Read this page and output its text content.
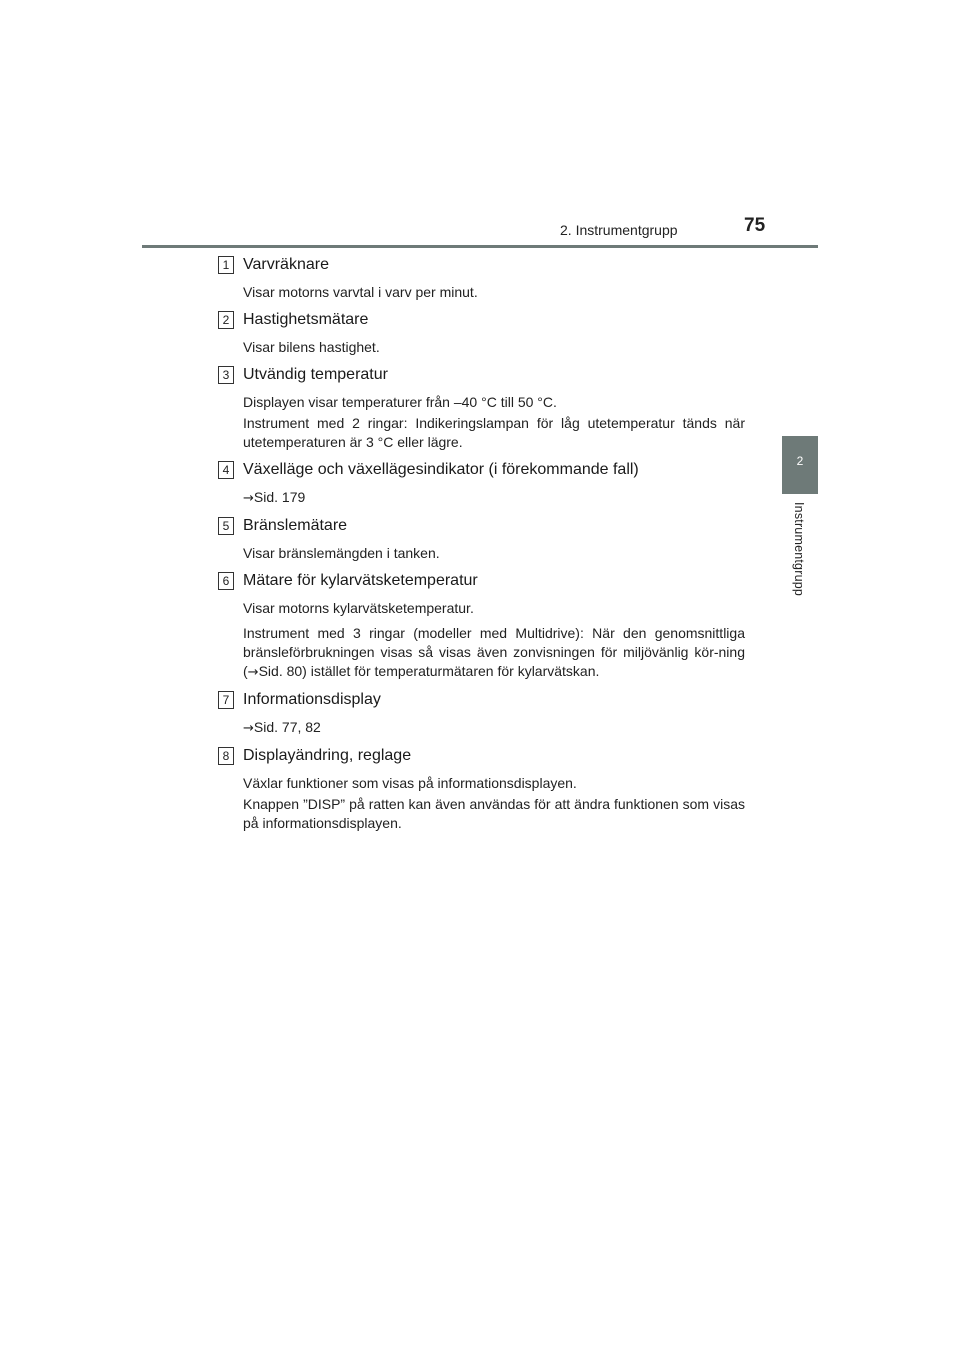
2. Instrumentgrupp	75
2
Instrumentgrupp
1 Varvräknare

Visar motorns varvtal i varv per minut.

2 Hastighetsmätare

Visar bilens hastighet.

3 Utvändig temperatur

Displayen visar temperaturer från –40 °C till 50 °C.

Instrument med 2 ringar: Indikeringslampan för låg utetemperatur tänds när utetemperaturen är 3 °C eller lägre.

4 Växelläge och växellägesindikator (i förekommande fall)

→Sid. 179

5 Bränslemätare

Visar bränslemängden i tanken.

6 Mätare för kylarvätsketemperatur

Visar motorns kylarvätsketemperatur.

Instrument med 3 ringar (modeller med Multidrive): När den genomsnittliga bränsleförbrukningen visas så visas även zonvisningen för miljövänlig kör-ning (→Sid. 80) istället för temperaturmätaren för kylarvätskan.

7 Informationsdisplay

→Sid. 77, 82

8 Displayändring, reglage

Växlar funktioner som visas på informationsdisplayen.

Knappen ”DISP” på ratten kan även användas för att ändra funktionen som visas på informationsdisplayen.
